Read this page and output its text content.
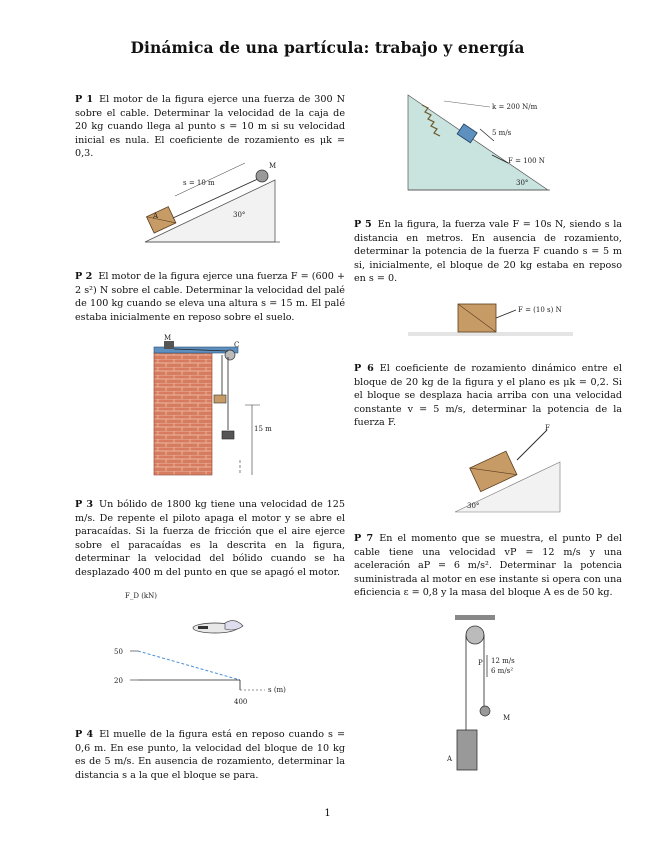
Dinámica de una partícula: trabajo y energía
P 1 El motor de la figura ejerce una fuerza de 300 N sobre el cable. Determinar la velocidad de la caja de 20 kg cuando llega al punto s = 10 m si su velocidad inicial es nula. El coeficiente de rozamiento es μk = 0,3.
M
A
s = 10 m
30°
P 2 El motor de la figura ejerce una fuerza F = (600 + 2 s²) N sobre el cable. Determinar la velocidad del palé de 100 kg cuando se eleva una altura s = 15 m. El palé estaba inicialmente en reposo sobre el suelo.
M
C
15 m
P 3 Un bólido de 1800 kg tiene una velocidad de 125 m/s. De repente el piloto apaga el motor y se abre el paracaídas. Si la fuerza de fricción que el aire ejerce sobre el paracaídas es la descrita en la figura, determinar la velocidad del bólido cuando se ha desplazado 400 m del punto en que se apagó el motor.
F_D (kN)
50
20
s (m)
400
P 4 El muelle de la figura está en reposo cuando s = 0,6 m. En ese punto, la velocidad del bloque de 10 kg es de 5 m/s. En ausencia de rozamiento, determinar la distancia s a la que el bloque se para.
k = 200 N/m
5 m/s
F = 100 N
30°
P 5 En la figura, la fuerza vale F = 10s N, siendo s la distancia en metros. En ausencia de rozamiento, determinar la potencia de la fuerza F cuando s = 5 m si, inicialmente, el bloque de 20 kg estaba en reposo en s = 0.
F = (10 s) N
P 6 El coeficiente de rozamiento dinámico entre el bloque de 20 kg de la figura y el plano es μk = 0,2. Si el bloque se desplaza hacia arriba con una velocidad constante v = 5 m/s, determinar la potencia de la fuerza F.	F
30°
P 7 En el momento que se muestra, el punto P del cable tiene una velocidad vP = 12 m/s y una aceleración aP = 6 m/s². Determinar la potencia suministrada al motor en ese instante si opera con una eficiencia ε = 0,8 y la masa del bloque A es de 50 kg.
M
P 12 m/s
6 m/s²
A
1
